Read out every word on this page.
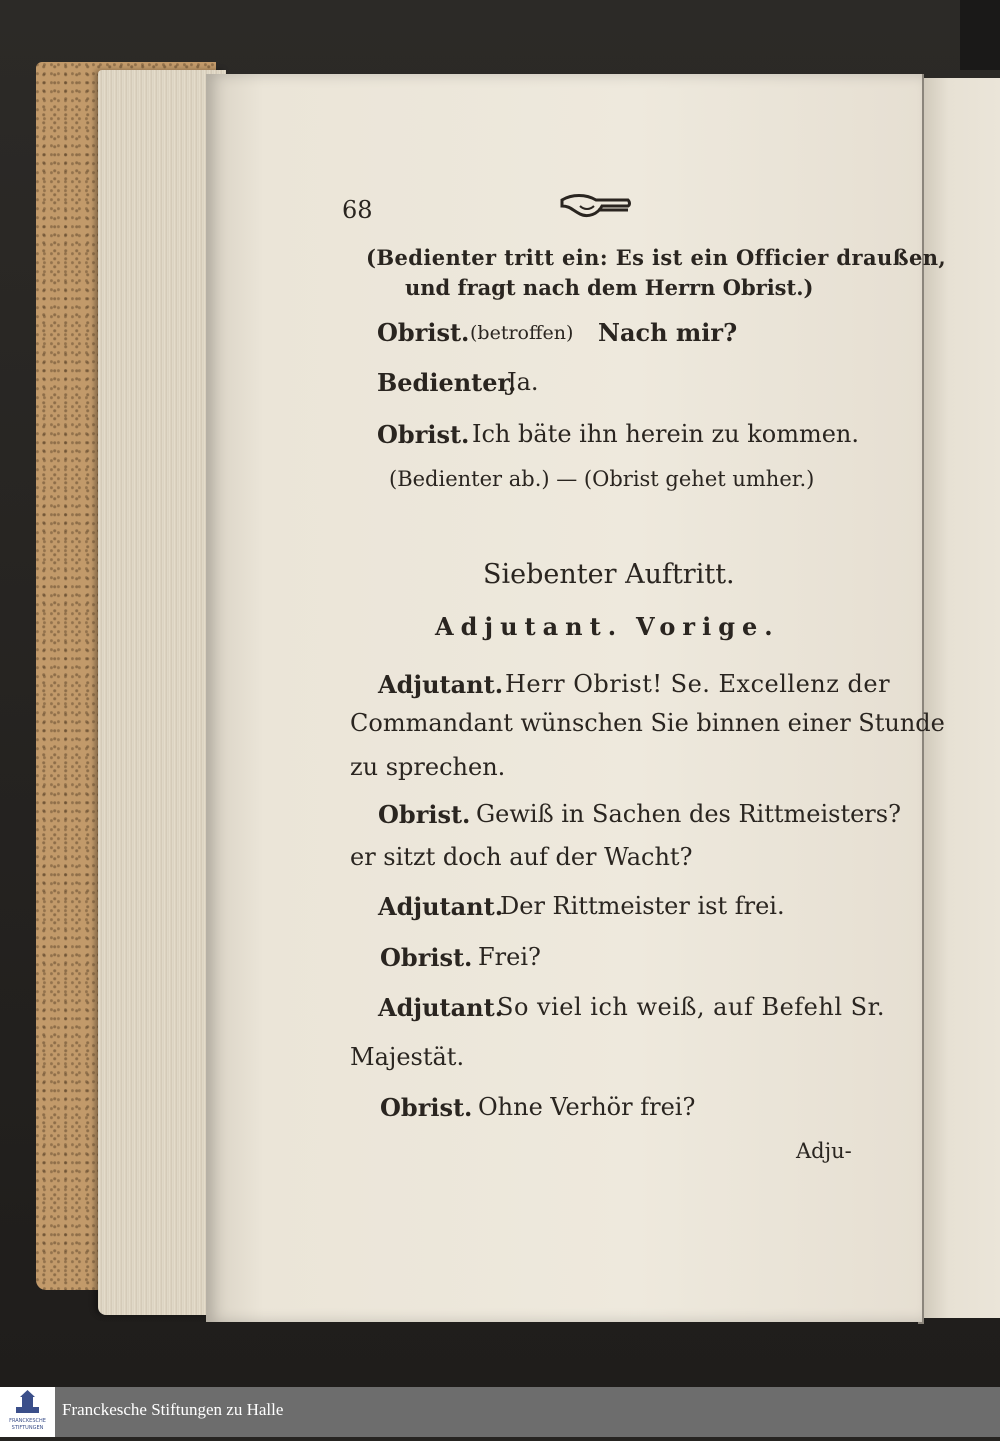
68
(Bedienter tritt ein: Es ist ein Officier draußen,
und fragt nach dem Herrn Obrist.)
Obrist. (betroffen) Nach mir?
Bedienter.
Ja.
Obrist. Ich bäte ihn herein zu kommen.
(Bedienter ab.) — (Obrist gehet umher.)
Siebenter Auftritt.
Adjutant. Vorige.
Adjutant. Herr Obrist! Se. Excellenz der
Commandant wünschen Sie binnen einer Stunde
zu sprechen.
Obrist. Gewiß in Sachen des Rittmeisters?
er sitzt doch auf der Wacht?
Adjutant.
Der Rittmeister ist frei.
Obrist. Frei?
Adjutant.
So viel ich weiß, auf Befehl Sr.
Majestät.
Obrist. Ohne Verhör frei?
Adju-
FRANCKESCHE
STIFTUNGEN
Franckesche Stiftungen zu Halle
